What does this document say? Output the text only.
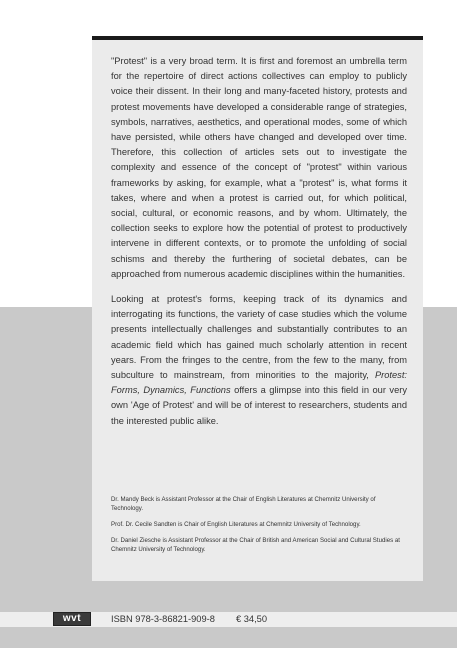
"Protest" is a very broad term. It is first and foremost an umbrella term for the repertoire of direct actions collectives can employ to publicly voice their dissent. In their long and many-faceted history, protests and protest movements have developed a considerable range of strategies, symbols, narratives, aesthetics, and operational modes, some of which have persisted, while others have changed and developed over time. Therefore, this collection of articles sets out to investigate the complexity and essence of the concept of "protest" within various frameworks by asking, for example, what a "protest" is, what forms it takes, where and when a protest is carried out, for which political, social, cultural, or economic reasons, and by whom. Ultimately, the collection seeks to explore how the potential of protest to productively intervene in different contexts, or to promote the unfolding of social schisms and thereby the furthering of societal debates, can be approached from numerous academic disciplines within the humanities.

Looking at protest's forms, keeping track of its dynamics and interrogating its functions, the variety of case studies which the volume presents intellectually challenges and substantially contributes to an academic field which has gained much scholarly attention in recent years. From the fringes to the centre, from the few to the many, from subculture to mainstream, from minorities to the majority, Protest: Forms, Dynamics, Functions offers a glimpse into this field in our very own 'Age of Protest' and will be of interest to researchers, students and the interested public alike.

Dr. Mandy Beck is Assistant Professor at the Chair of English Literatures at Chemnitz University of Technology.

Prof. Dr. Cecile Sandten is Chair of English Literatures at Chemnitz University of Technology.

Dr. Daniel Ziesche is Assistant Professor at the Chair of British and American Social and Cultural Studies at Chemnitz University of Technology.

wvt	ISBN 978-3-86821-909-8 € 34,50
